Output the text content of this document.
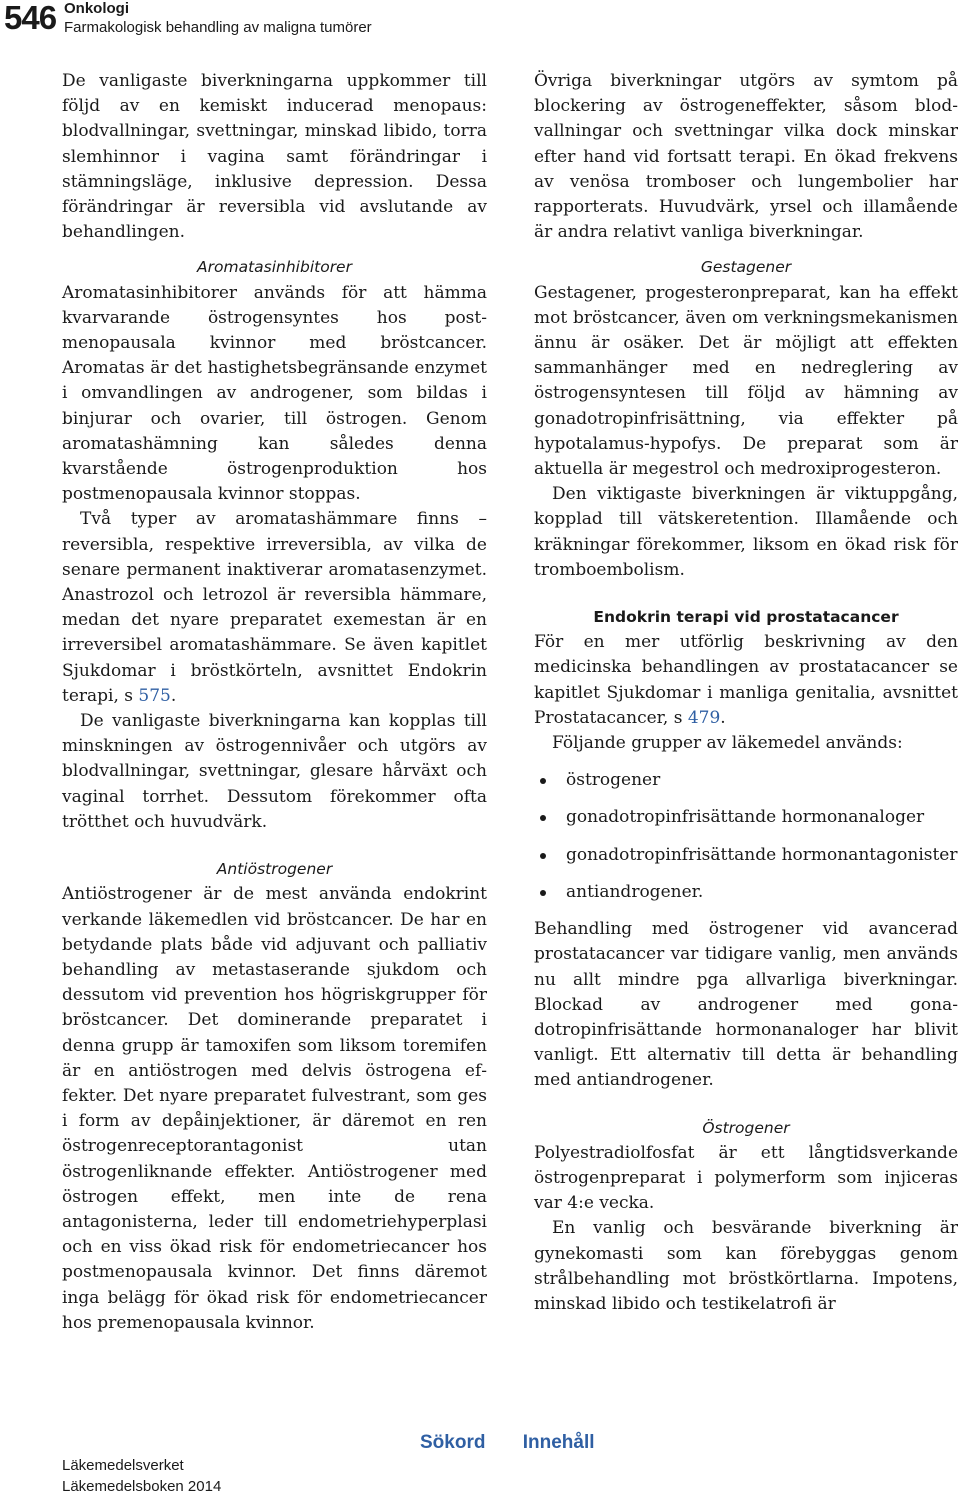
546 Onkologi
Farmakologisk behandling av maligna tumörer

De vanligaste biverkningarna uppkommer till följd av en kemiskt inducerad menopaus: blodvallningar, svettningar, minskad libido, torra slemhinnor i vagina samt förändringar i stämningsläge, inklusive depression. Dessa förändringar är reversibla vid avslutande av behandlingen.

Aromatasinhibitorer

Aromatasinhibitorer används för att hämma kvarvarande östrogensyntes hos postmenopausala kvinnor med bröstcancer. Aromatas är det hastighetsbegränsande enzymet i omvandlingen av androgener, som bildas i binjurar och ovarier, till östrogen. Genom aromatashämning kan således denna kvarstående östrogenproduktion hos postmenopausala kvinnor stoppas.

Två typer av aromatashämmare finns – reversibla, respektive irreversibla, av vilka de senare permanent inaktiverar aromatasenzymet. Anastrozol och letrozol är reversibla hämmare, medan det nyare preparatet exemestan är en irreversibel aromatashämmare. Se även kapitlet Sjukdomar i bröstkörteln, avsnittet Endokrin terapi, s 575.

De vanligaste biverkningarna kan kopplas till minskningen av östrogennivåer och utgörs av blodvallningar, svettningar, glesare hårväxt och vaginal torrhet. Dessutom förekommer ofta trötthet och huvudvärk.

Antiöstrogener

Antiöstrogener är de mest använda endokrint verkande läkemedlen vid bröstcancer. De har en betydande plats både vid adjuvant och palliativ behandling av metastaserande sjukdom och dessutom vid prevention hos högriskgrupper för bröstcancer. Det dominerande preparatet i denna grupp är tamoxifen som liksom toremifen är en antiöstrogen med delvis östrogena effekter. Det nyare preparatet fulvestrant, som ges i form av depåinjektioner, är däremot en ren östrogenreceptorantagonist utan östrogenliknande effekter. Antiöstrogener med östrogen effekt, men inte de rena antagonisterna, leder till endometriehyperplasi och en viss ökad risk för endometriecancer hos postmenopausala kvinnor. Det finns däremot inga belägg för ökad risk för endometriecancer hos premenopausala kvinnor.

Övriga biverkningar utgörs av symtom på blockering av östrogeneffekter, såsom blodvallningar och svettningar vilka dock minskar efter hand vid fortsatt terapi. En ökad frekvens av venösa tromboser och lungembolier har rapporterats. Huvudvärk, yrsel och illamående är andra relativt vanliga biverkningar.

Gestagener

Gestagener, progesteronpreparat, kan ha effekt mot bröstcancer, även om verkningsmekanismen ännu är osäker. Det är möjligt att effekten sammanhänger med en nedreglering av östrogensyntesen till följd av hämning av gonadotropinfrisättning, via effekter på hypotalamus-hypofys. De preparat som är aktuella är megestrol och medroxiprogesteron.

Den viktigaste biverkningen är viktuppgång, kopplad till vätskeretention. Illamående och kräkningar förekommer, liksom en ökad risk för tromboembolism.

Endokrin terapi vid prostatacancer

För en mer utförlig beskrivning av den medicinska behandlingen av prostatacancer se kapitlet Sjukdomar i manliga genitalia, avsnittet Prostatacancer, s 479.

Följande grupper av läkemedel används:

östrogener
gonadotropinfrisättande hormonanaloger
gonadotropinfrisättande hormonantagonister
antiandrogener.

Behandling med östrogener vid avancerad prostatacancer var tidigare vanlig, men används nu allt mindre pga allvarliga biverkningar. Blockad av androgener med gonadotropinfrisättande hormonanaloger har blivit vanligt. Ett alternativ till detta är behandling med antiandrogener.

Östrogener

Polyestradiolfosfat är ett långtidsverkande östrogenpreparat i polymerform som injiceras var 4:e vecka.

En vanlig och besvärande biverkning är gynekomasti som kan förebyggas genom strålbehandling mot bröstkörtlarna. Impotens, minskad libido och testikelatrofi är

Sökord Innehåll
Läkemedelsverket
Läkemedelsboken 2014
